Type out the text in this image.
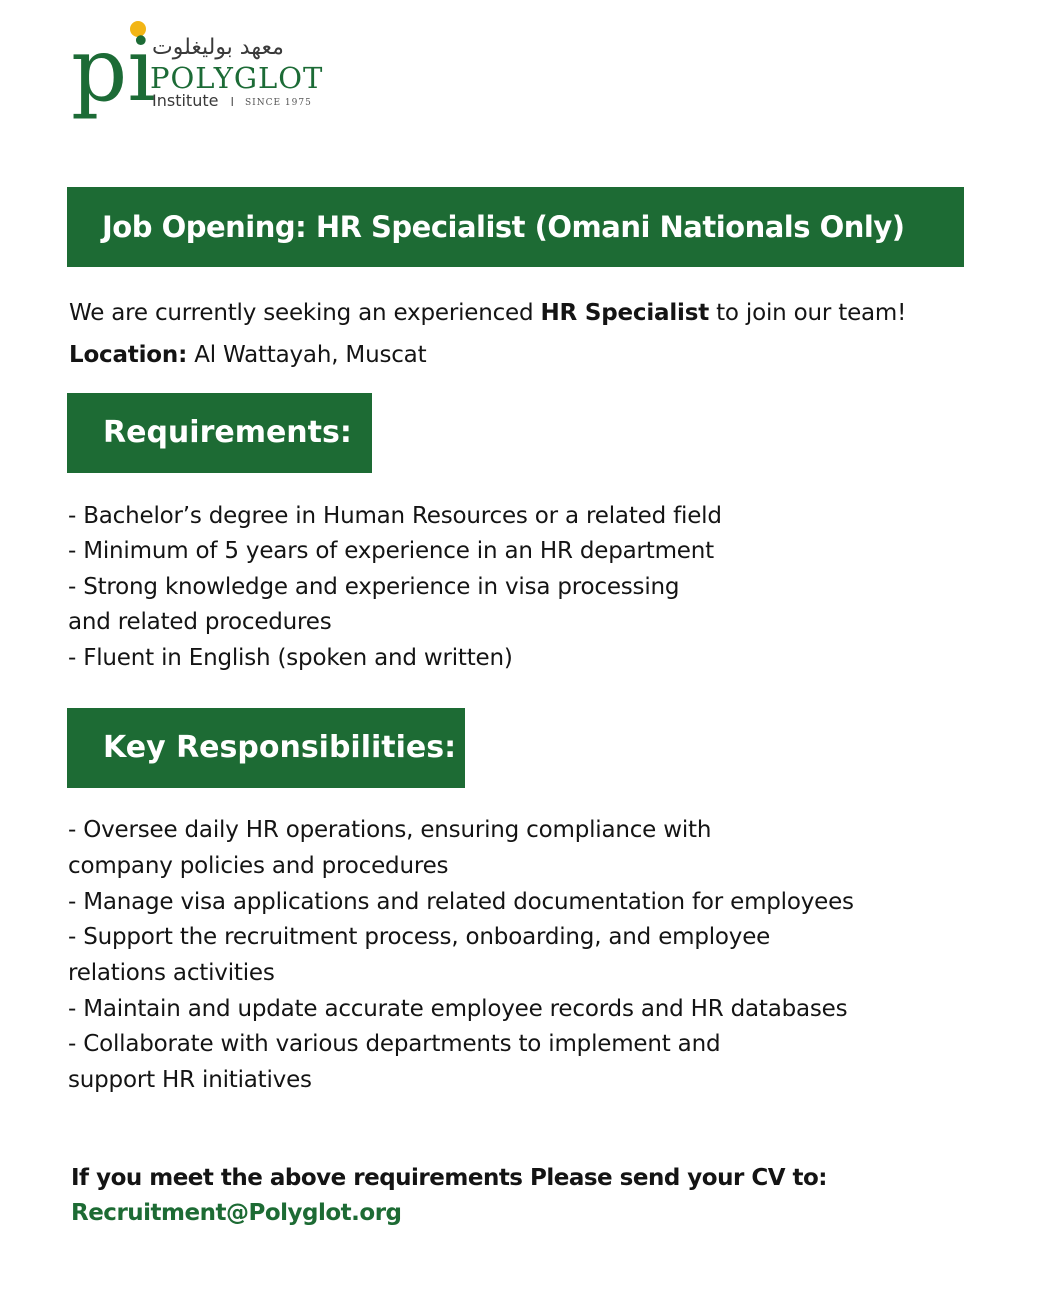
pi
معهد بوليغلوت
POLYGLOT
Institute I SINCE 1975
Job Opening: HR Specialist (Omani Nationals Only)
We are currently seeking an experienced HR Specialist to join our team!
Location: Al Wattayah, Muscat
Requirements:
- Bachelor’s degree in Human Resources or a related field
- Minimum of 5 years of experience in an HR department
- Strong knowledge and experience in visa processing
and related procedures
- Fluent in English (spoken and written)
Key Responsibilities:
- Oversee daily HR operations, ensuring compliance with
company policies and procedures
- Manage visa applications and related documentation for employees
- Support the recruitment process, onboarding, and employee
relations activities
- Maintain and update accurate employee records and HR databases
- Collaborate with various departments to implement and
support HR initiatives
If you meet the above requirements Please send your CV to:
Recruitment@Polyglot.org
